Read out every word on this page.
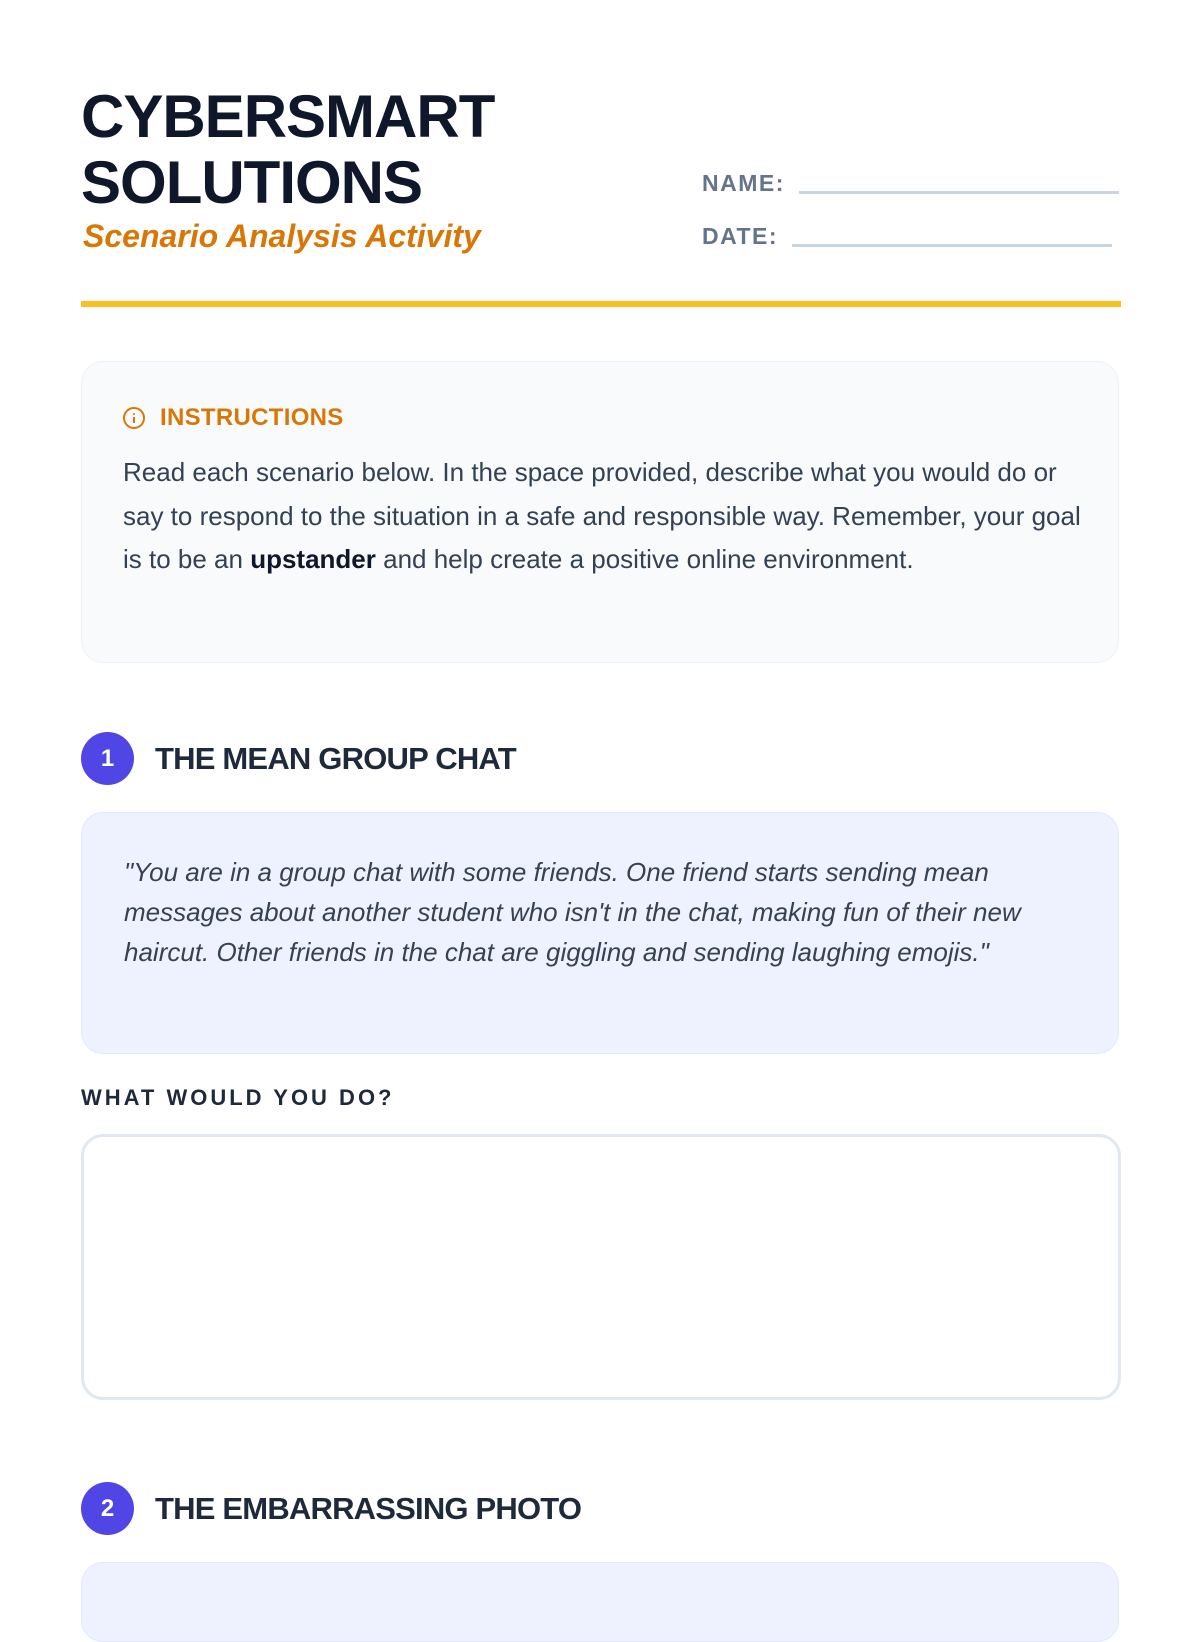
CYBERSMART
SOLUTIONS

Scenario Analysis Activity

NAME:
DATE:
INSTRUCTIONS

Read each scenario below. In the space provided, describe what you would do or say to respond to the situation in a safe and responsible way. Remember, your goal is to be an upstander and help create a positive online environment.

1	THE MEAN GROUP CHAT

"You are in a group chat with some friends. One friend starts sending mean messages about another student who isn't in the chat, making fun of their new haircut. Other friends in the chat are giggling and sending laughing emojis."

WHAT WOULD YOU DO?
2	THE EMBARRASSING PHOTO
